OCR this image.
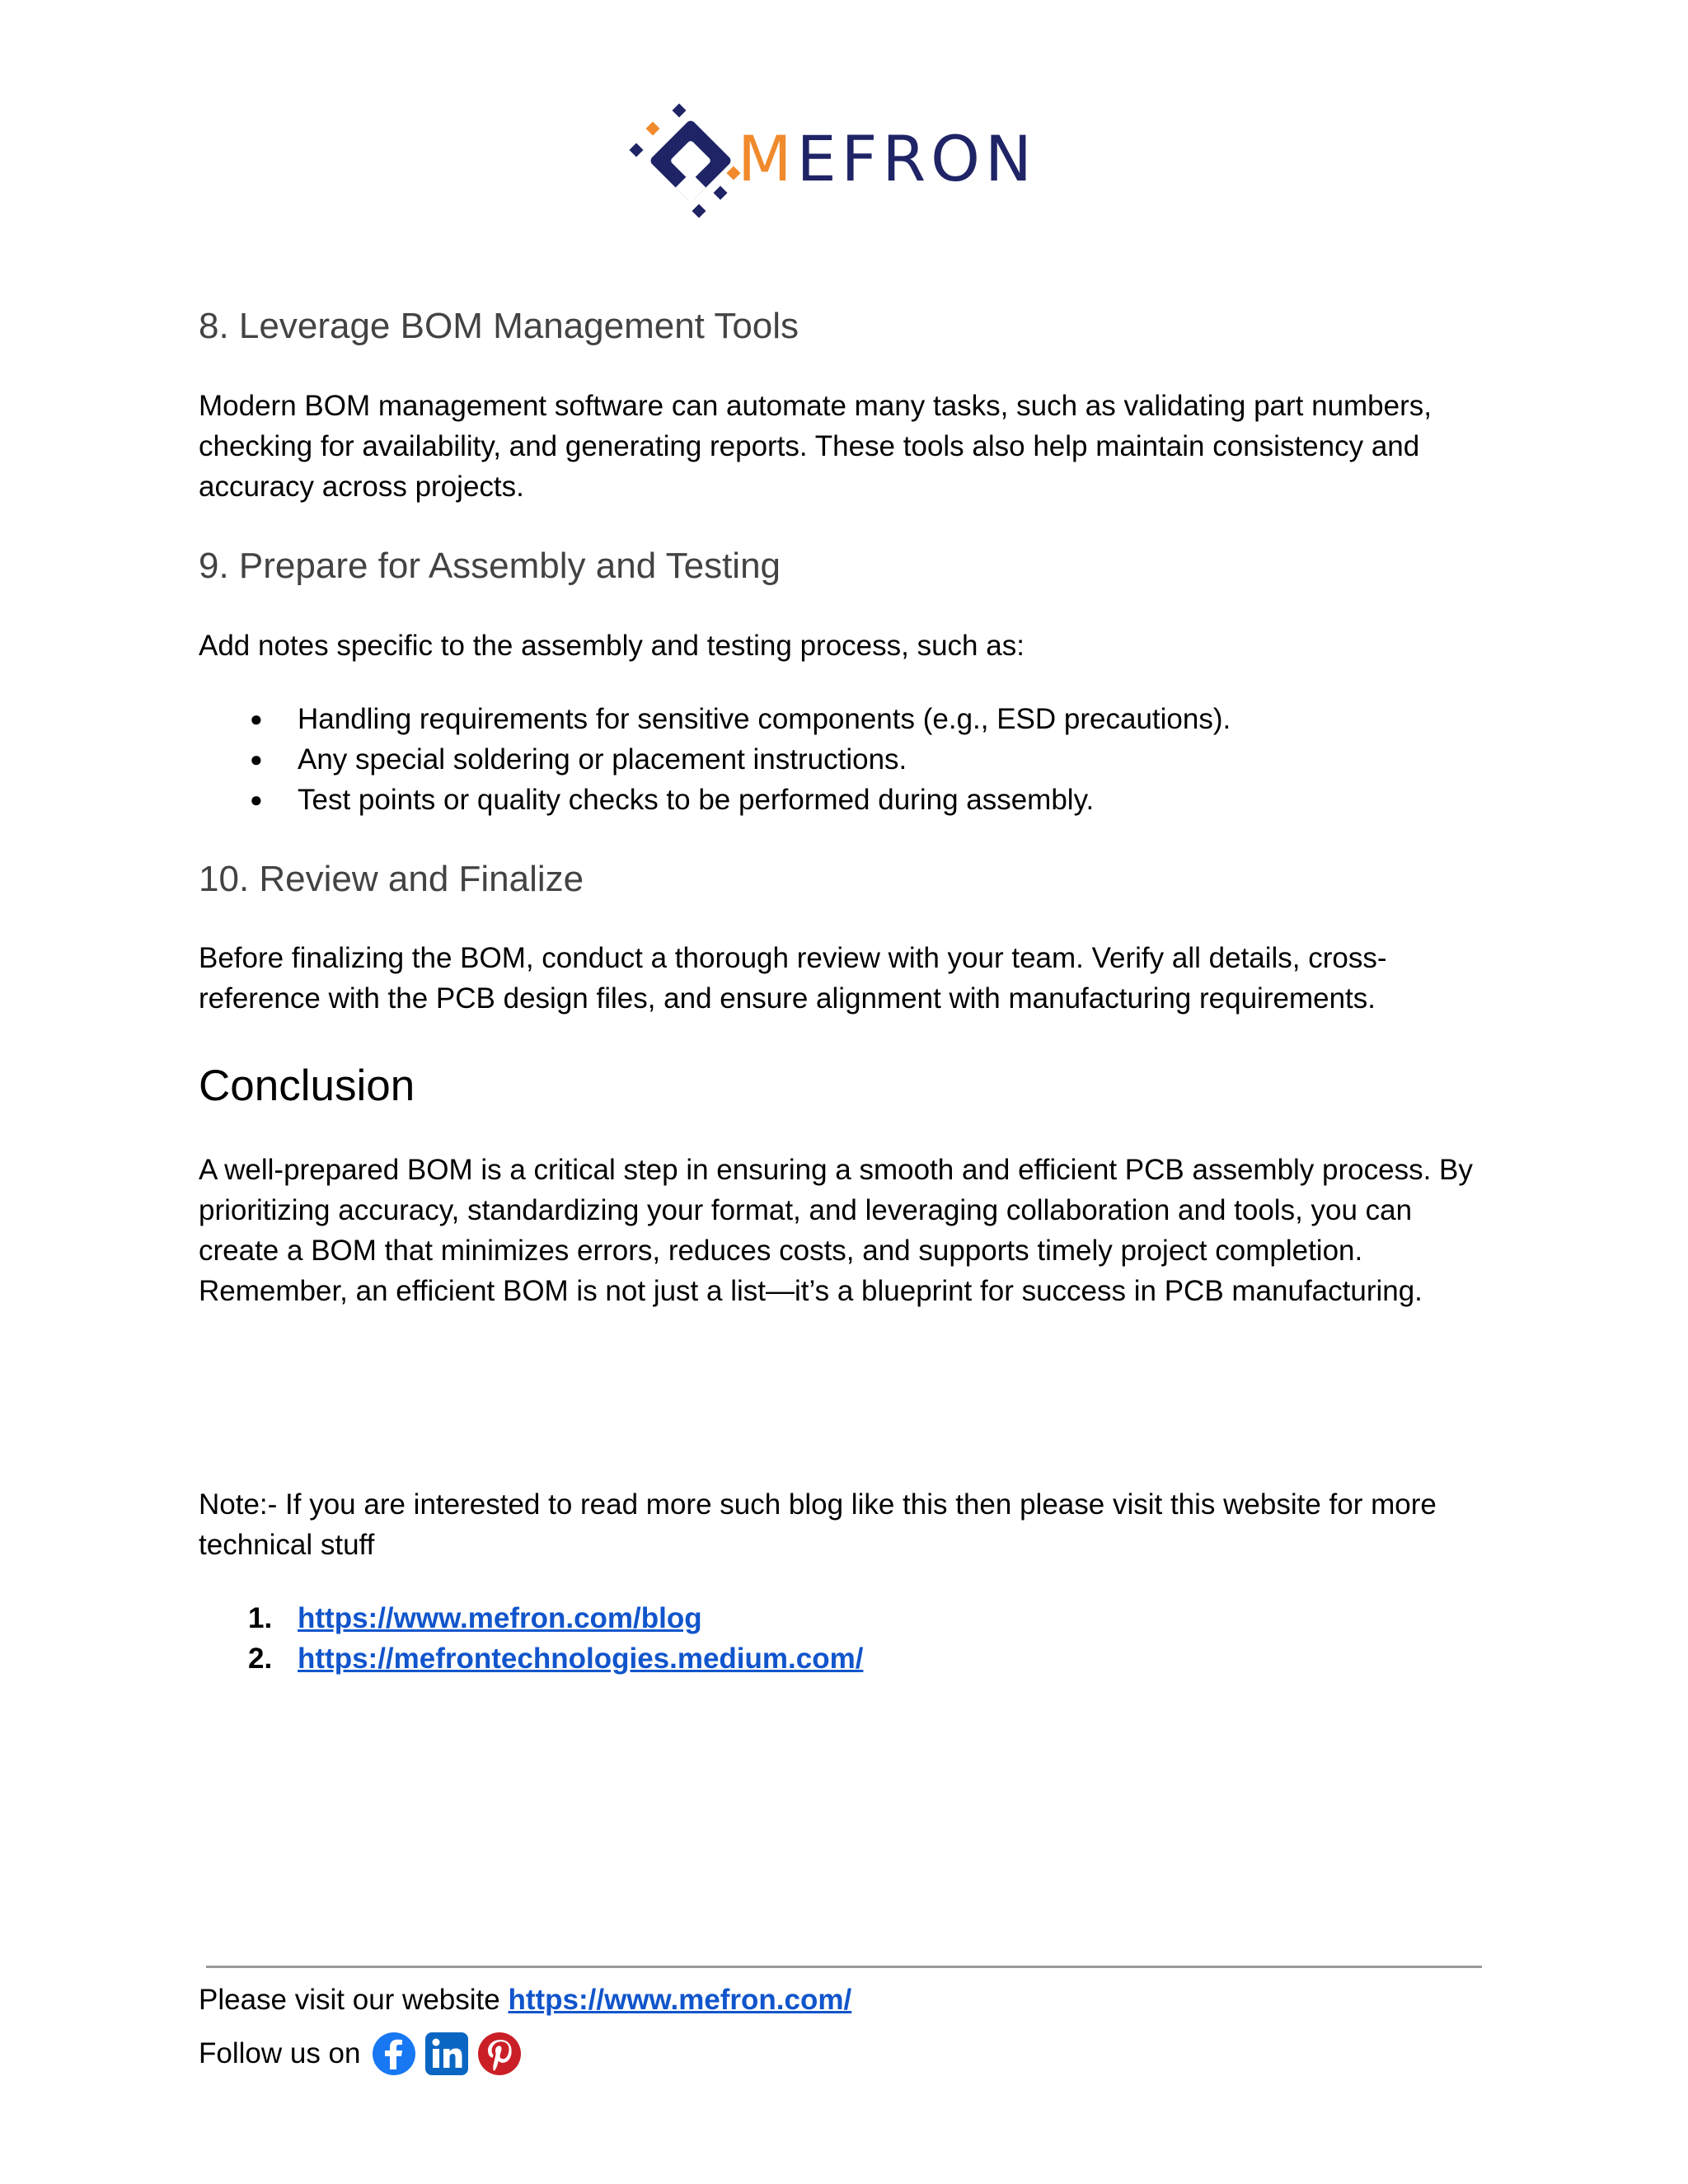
MEFRON
8. Leverage BOM Management Tools

Modern BOM management software can automate many tasks, such as validating part numbers, checking for availability, and generating reports. These tools also help maintain consistency and accuracy across projects.

9. Prepare for Assembly and Testing

Add notes specific to the assembly and testing process, such as:

● Handling requirements for sensitive components (e.g., ESD precautions).
● Any special soldering or placement instructions.
● Test points or quality checks to be performed during assembly.
10. Review and Finalize

Before finalizing the BOM, conduct a thorough review with your team. Verify all details, cross-reference with the PCB design files, and ensure alignment with manufacturing requirements.

Conclusion

A well-prepared BOM is a critical step in ensuring a smooth and efficient PCB assembly process. By prioritizing accuracy, standardizing your format, and leveraging collaboration and tools, you can create a BOM that minimizes errors, reduces costs, and supports timely project completion. Remember, an efficient BOM is not just a list—it’s a blueprint for success in PCB manufacturing.

Note:- If you are interested to read more such blog like this then please visit this website for more technical stuff

1. https://www.mefron.com/blog
2. https://mefrontechnologies.medium.com/
Please visit our website https://www.mefron.com/
Follow us on
